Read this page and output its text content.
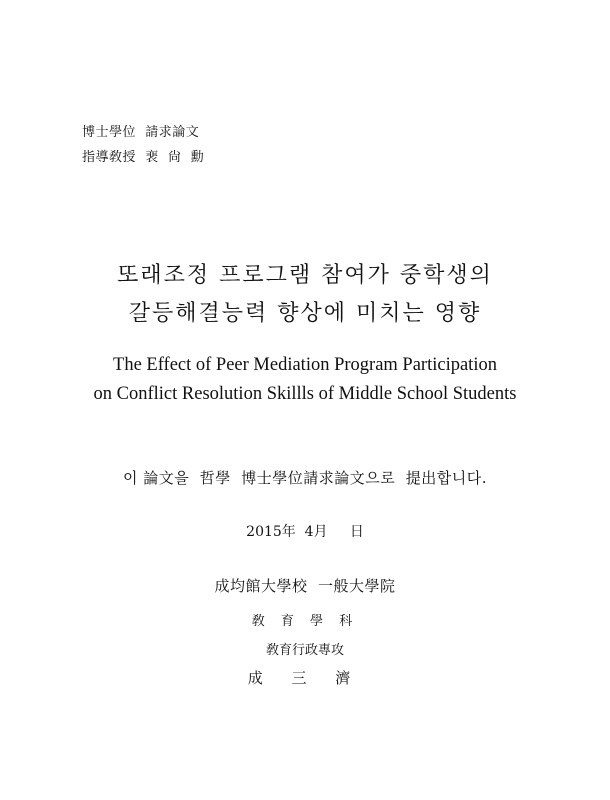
博士學位  請求論文
指導敎授  裵  尙  勳
또래조정 프로그램 참여가 중학생의
갈등해결능력 향상에 미치는 영향
The Effect of Peer Mediation Program Participation
on Conflict Resolution Skillls of Middle School Students
이 論文을  哲學  博士學位請求論文으로  提出합니다.
2015年  4月     日
成均館大學校  一般大學院
敎 育 學 科
敎育行政專攻
成 三 濟
